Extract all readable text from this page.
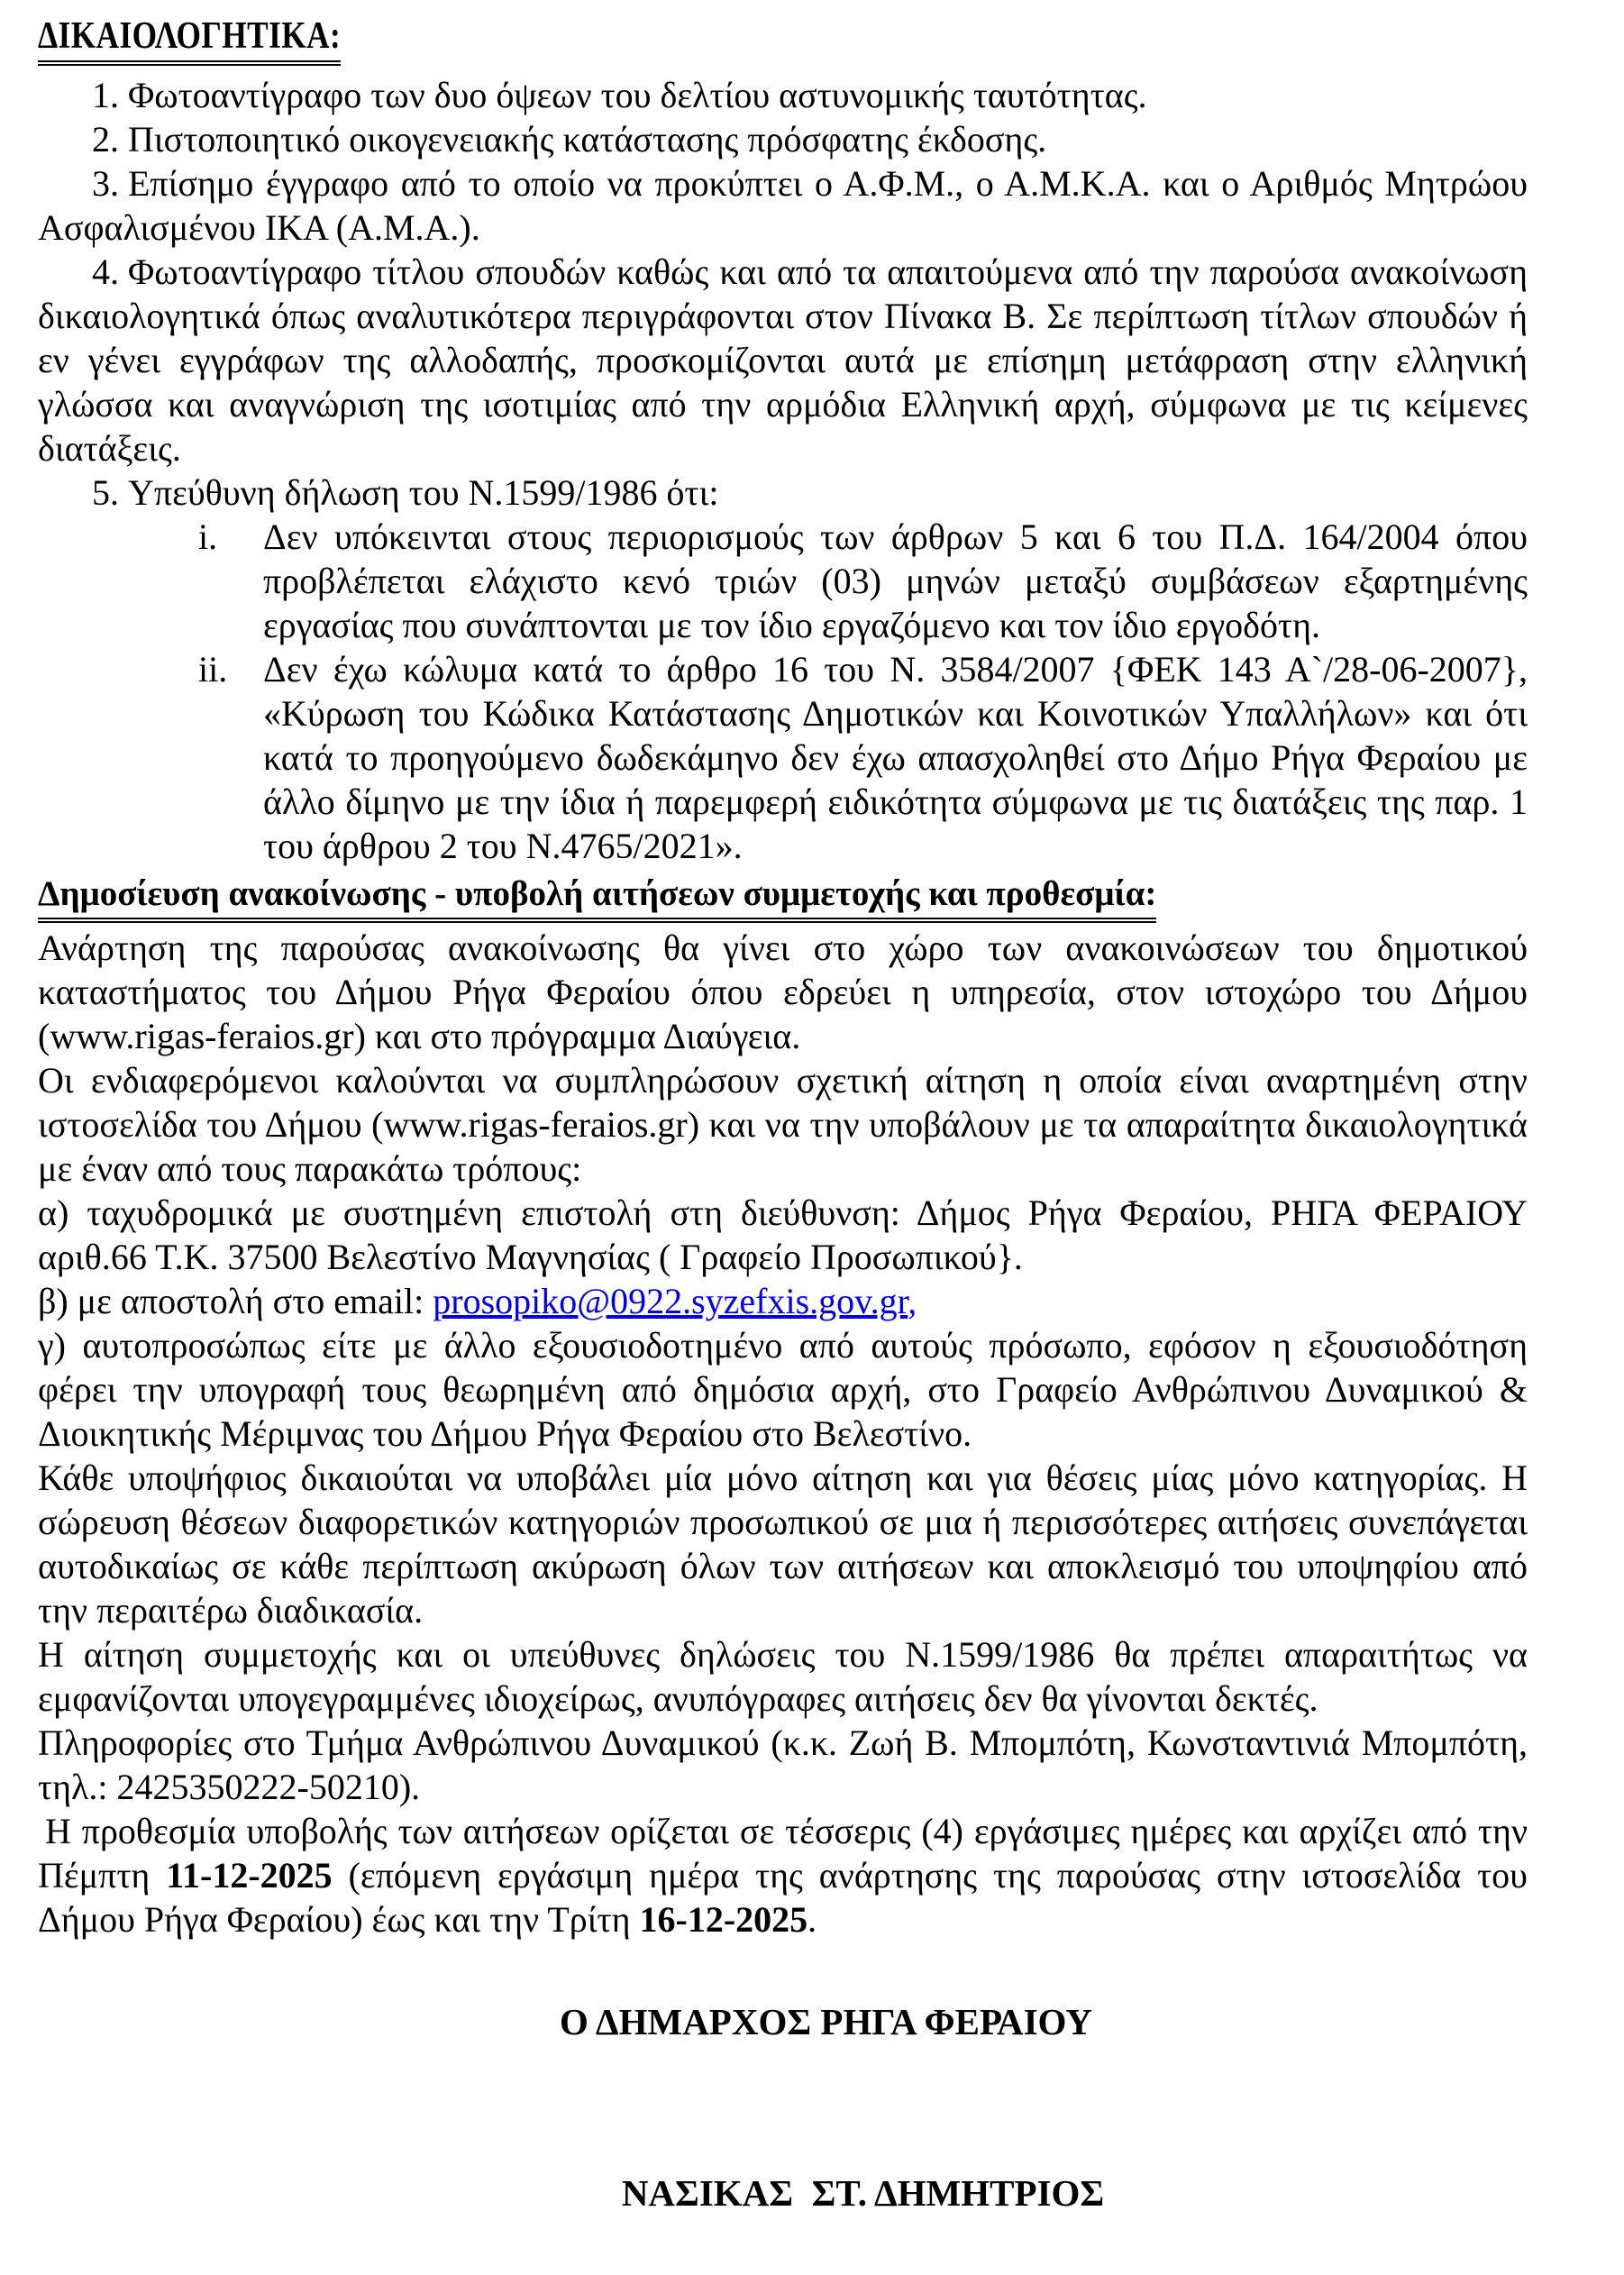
ΔΙΚΑΙΟΛΟΓΗΤΙΚΑ:

1. Φωτοαντίγραφο των δυο όψεων του δελτίου αστυνομικής ταυτότητας.

2. Πιστοποιητικό οικογενειακής κατάστασης πρόσφατης έκδοσης.

3. Επίσημο έγγραφο από το οποίο να προκύπτει ο Α.Φ.Μ., ο Α.Μ.Κ.Α. και ο Αριθμός Μητρώου Ασφαλισμένου ΙΚΑ (Α.Μ.Α.).

4. Φωτοαντίγραφο τίτλου σπουδών καθώς και από τα απαιτούμενα από την παρούσα ανακοίνωση δικαιολογητικά όπως αναλυτικότερα περιγράφονται στον Πίνακα Β. Σε περίπτωση τίτλων σπουδών ή εν γένει εγγράφων της αλλοδαπής, προσκομίζονται αυτά με επίσημη μετάφραση στην ελληνική γλώσσα και αναγνώριση της ισοτιμίας από την αρμόδια Ελληνική αρχή, σύμφωνα με τις κείμενες διατάξεις.

5. Υπεύθυνη δήλωση του Ν.1599/1986 ότι:

i. Δεν υπόκεινται στους περιορισμούς των άρθρων 5 και 6 του Π.Δ. 164/2004 όπου προβλέπεται ελάχιστο κενό τριών (03) μηνών μεταξύ συμβάσεων εξαρτημένης εργασίας που συνάπτονται με τον ίδιο εργαζόμενο και τον ίδιο εργοδότη.

ii. Δεν έχω κώλυμα κατά το άρθρο 16 του Ν. 3584/2007 {ΦΕΚ 143 Α`/28-06-2007}, «Κύρωση του Κώδικα Κατάστασης Δημοτικών και Κοινοτικών Υπαλλήλων» και ότι κατά το προηγούμενο δωδεκάμηνο δεν έχω απασχοληθεί στο Δήμο Ρήγα Φεραίου με άλλο δίμηνο με την ίδια ή παρεμφερή ειδικότητα σύμφωνα με τις διατάξεις της παρ. 1 του άρθρου 2 του Ν.4765/2021».

Δημοσίευση ανακοίνωσης - υποβολή αιτήσεων συμμετοχής και προθεσμία:

Ανάρτηση της παρούσας ανακοίνωσης θα γίνει στο χώρο των ανακοινώσεων του δημοτικού καταστήματος του Δήμου Ρήγα Φεραίου όπου εδρεύει η υπηρεσία, στον ιστοχώρο του Δήμου (www.rigas-feraios.gr) και στο πρόγραμμα Διαύγεια.

Οι ενδιαφερόμενοι καλούνται να συμπληρώσουν σχετική αίτηση η οποία είναι αναρτημένη στην ιστοσελίδα του Δήμου (www.rigas-feraios.gr) και να την υποβάλουν με τα απαραίτητα δικαιολογητικά με έναν από τους παρακάτω τρόπους:

α) ταχυδρομικά με συστημένη επιστολή στη διεύθυνση: Δήμος Ρήγα Φεραίου, ΡΗΓΑ ΦΕΡΑΙΟΥ αριθ.66 Τ.Κ. 37500 Βελεστίνο Μαγνησίας ( Γραφείο Προσωπικού}.

β) με αποστολή στο email: prosopiko@0922.syzefxis.gov.gr,

γ) αυτοπροσώπως είτε με άλλο εξουσιοδοτημένο από αυτούς πρόσωπο, εφόσον η εξουσιοδότηση φέρει την υπογραφή τους θεωρημένη από δημόσια αρχή, στο Γραφείο Ανθρώπινου Δυναμικού & Διοικητικής Μέριμνας του Δήμου Ρήγα Φεραίου στο Βελεστίνο.

Κάθε υποψήφιος δικαιούται να υποβάλει μία μόνο αίτηση και για θέσεις μίας μόνο κατηγορίας. Η σώρευση θέσεων διαφορετικών κατηγοριών προσωπικού σε μια ή περισσότερες αιτήσεις συνεπάγεται αυτοδικαίως σε κάθε περίπτωση ακύρωση όλων των αιτήσεων και αποκλεισμό του υποψηφίου από την περαιτέρω διαδικασία.

Η αίτηση συμμετοχής και οι υπεύθυνες δηλώσεις του Ν.1599/1986 θα πρέπει απαραιτήτως να εμφανίζονται υπογεγραμμένες ιδιοχείρως, ανυπόγραφες αιτήσεις δεν θα γίνονται δεκτές.

Πληροφορίες στο Τμήμα Ανθρώπινου Δυναμικού (κ.κ. Ζωή Β. Μπομπότη, Κωνσταντινιά Μπομπότη, τηλ.: 2425350222-50210).

Η προθεσμία υποβολής των αιτήσεων ορίζεται σε τέσσερις (4) εργάσιμες ημέρες και αρχίζει από την Πέμπτη 11-12-2025 (επόμενη εργάσιμη ημέρα της ανάρτησης της παρούσας στην ιστοσελίδα του Δήμου Ρήγα Φεραίου) έως και την Τρίτη 16-12-2025.

Ο ΔΗΜΑΡΧΟΣ ΡΗΓΑ ΦΕΡΑΙΟΥ
ΝΑΣΙΚΑΣ  ΣΤ. ΔΗΜΗΤΡΙΟΣ
